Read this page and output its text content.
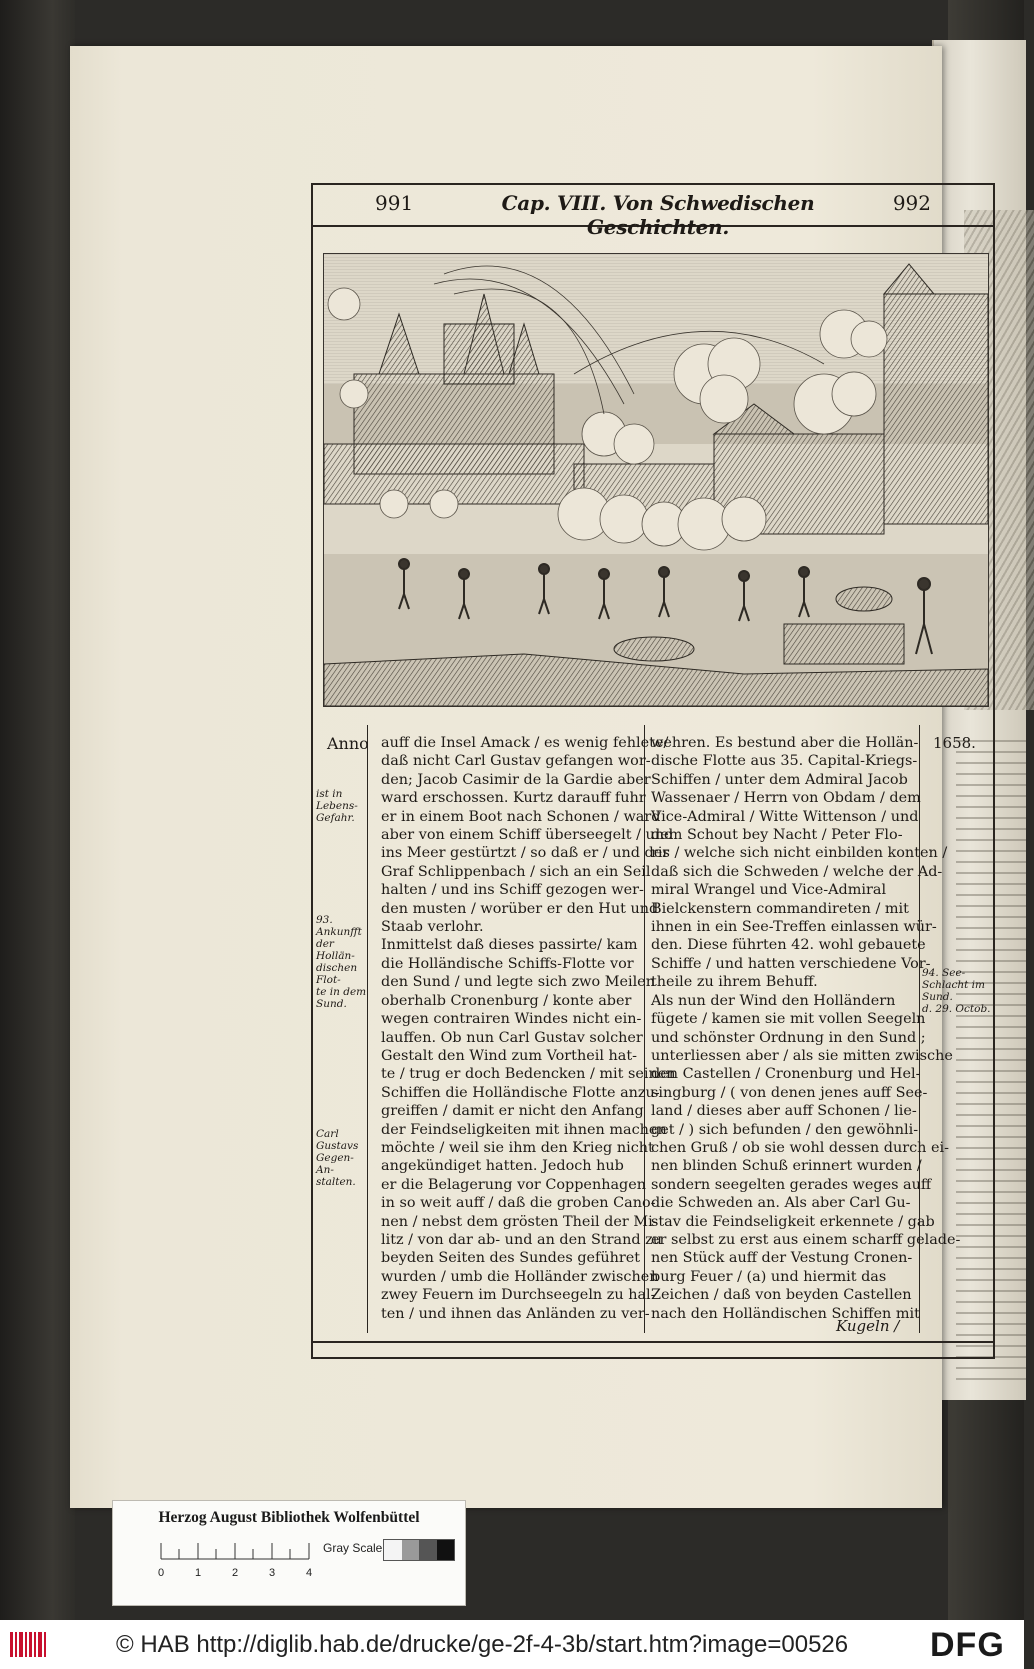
991	Cap. VIII. Von Schwedischen Geschichten.
992
Anno	1658.
ist in Lebens-
Gefahr.
93. Ankunfft
der Hollän-
dischen Flot-
te in dem
Sund.
Carl Gustavs
Gegen-An-
stalten.
94. See-
Schlacht im
Sund.
d. 29. Octob.
auff die Insel Amack / es wenig fehlete/
daß nicht Carl Gustav gefangen wor-
den; Jacob Casimir de la Gardie aber
ward erschossen. Kurtz darauff fuhr
er in einem Boot nach Schonen / ward
aber von einem Schiff überseegelt / und
ins Meer gestürtzt / so daß er / und der
Graf Schlippenbach / sich an ein Seil
halten / und ins Schiff gezogen wer-
den musten / worüber er den Hut und
Staab verlohr.
Inmittelst daß dieses passirte/ kam
die Holländische Schiffs-Flotte vor
den Sund / und legte sich zwo Meilen
oberhalb Cronenburg / konte aber
wegen contrairen Windes nicht ein-
lauffen. Ob nun Carl Gustav solcher
Gestalt den Wind zum Vortheil hat-
te / trug er doch Bedencken / mit seinen
Schiffen die Holländische Flotte anzu-
greiffen / damit er nicht den Anfang
der Feindseligkeiten mit ihnen machen
möchte / weil sie ihm den Krieg nicht
angekündiget hatten. Jedoch hub
er die Belagerung vor Coppenhagen
in so weit auff / daß die groben Cano-
nen / nebst dem grösten Theil der Mi-
litz / von dar ab- und an den Strand zu
beyden Seiten des Sundes geführet
wurden / umb die Holländer zwischen
zwey Feuern im Durchseegeln zu hal-
ten / und ihnen das Anländen zu ver-
wehren. Es bestund aber die Hollän-
dische Flotte aus 35. Capital-Kriegs-
Schiffen / unter dem Admiral Jacob
Wassenaer / Herrn von Obdam / dem
Vice-Admiral / Witte Wittenson / und
dem Schout bey Nacht / Peter Flo-
ris / welche sich nicht einbilden konten /
daß sich die Schweden / welche der Ad-
miral Wrangel und Vice-Admiral
Bielckenstern commandireten / mit
ihnen in ein See-Treffen einlassen wür-
den. Diese führten 42. wohl gebauete
Schiffe / und hatten verschiedene Vor-
theile zu ihrem Behuff.
Als nun der Wind den Holländern
fügete / kamen sie mit vollen Seegeln
und schönster Ordnung in den Sund ;
unterliessen aber / als sie mitten zwische
den Castellen / Cronenburg und Hel-
singburg / ( von denen jenes auff See-
land / dieses aber auff Schonen / lie-
get / ) sich befunden / den gewöhnli-
chen Gruß / ob sie wohl dessen durch ei-
nen blinden Schuß erinnert wurden /
sondern seegelten gerades weges auff
die Schweden an. Als aber Carl Gu-
stav die Feindseligkeit erkennete / gab
er selbst zu erst aus einem scharff gelade-
nen Stück auff der Vestung Cronen-
burg Feuer / (a) und hiermit das
Zeichen / daß von beyden Castellen
nach den Holländischen Schiffen mit
Kugeln /
Herzog August Bibliothek Wolfenbüttel
0	1	2	3	4
Gray Scale
© HAB http://diglib.hab.de/drucke/ge-2f-4-3b/start.htm?image=00526 DFG
